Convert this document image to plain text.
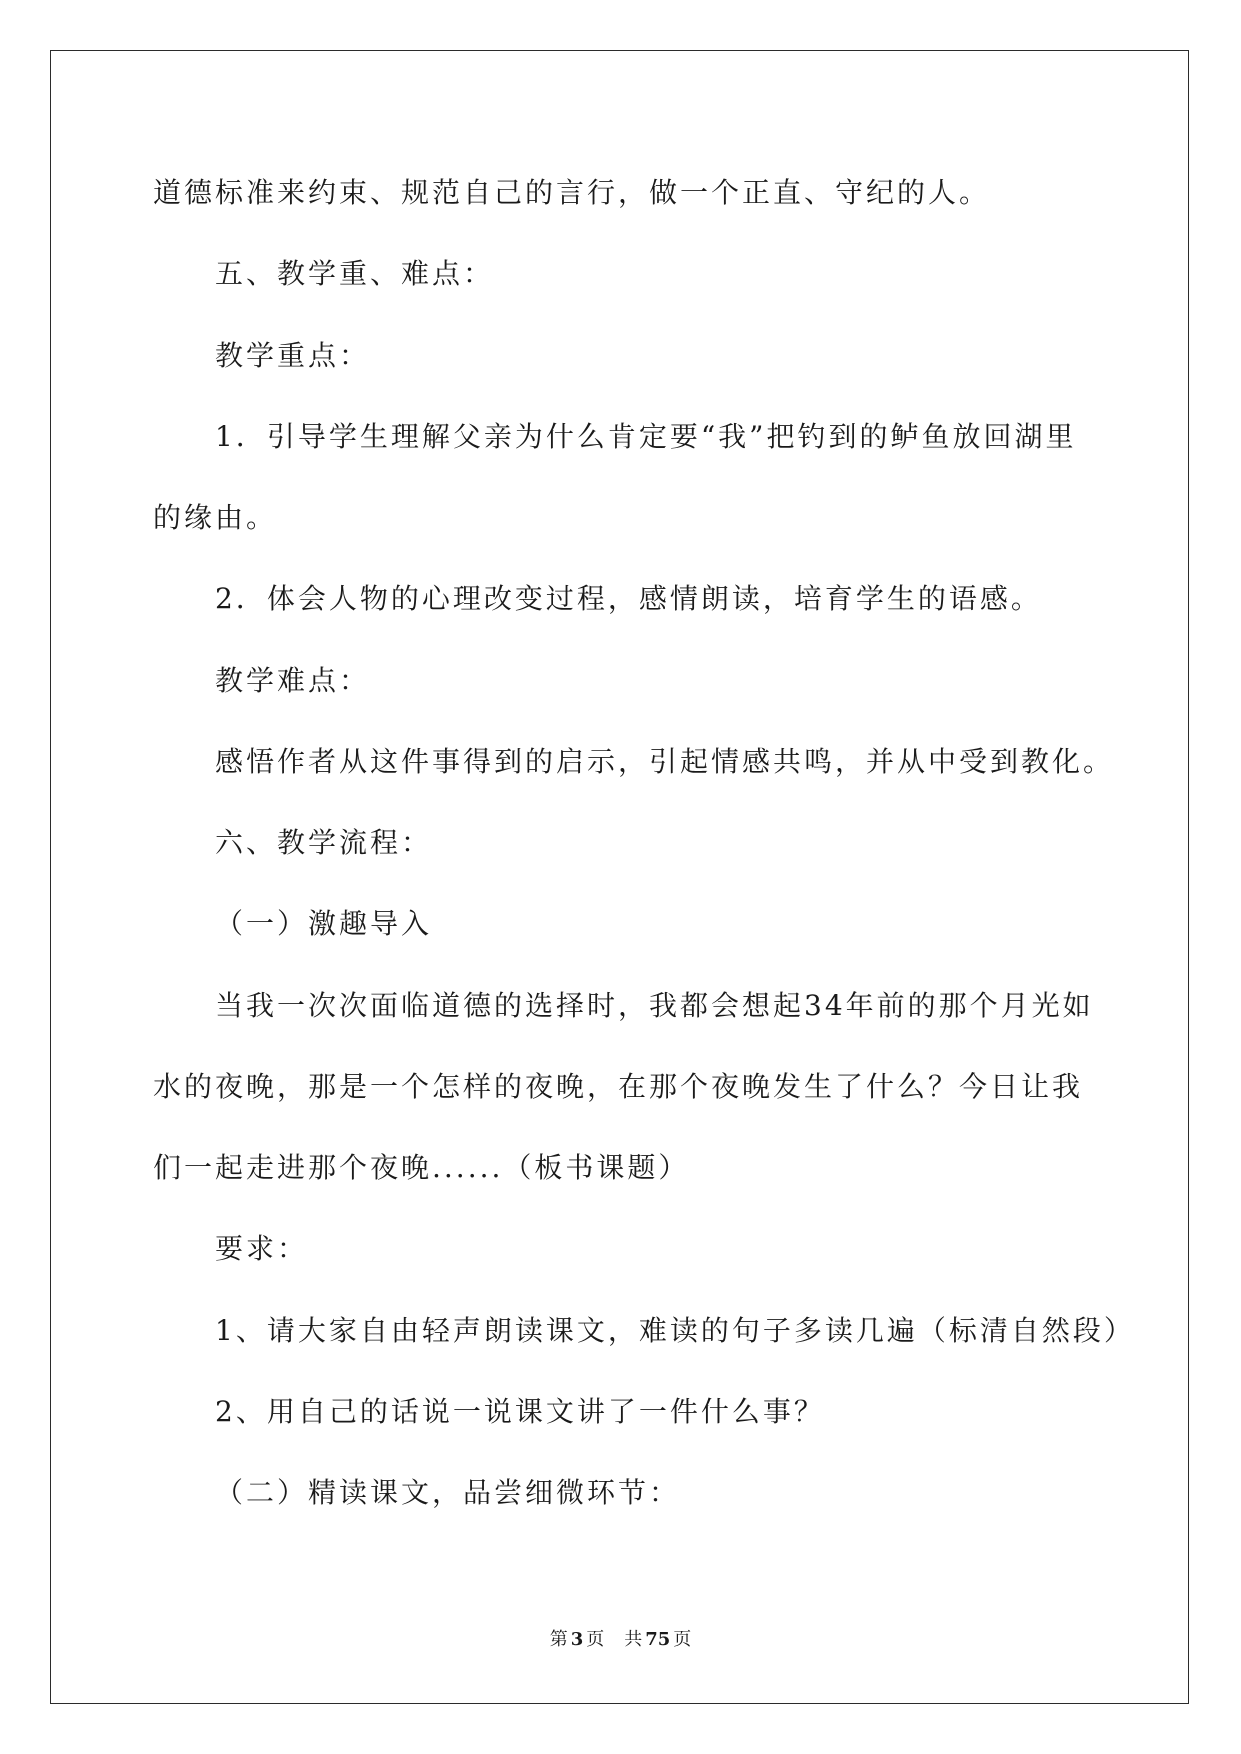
道德标准来约束、规范自己的言行，做一个正直、守纪的人。
五、教学重、难点：
教学重点：
1．引导学生理解父亲为什么肯定要“我”把钓到的鲈鱼放回湖里
的缘由。
2．体会人物的心理改变过程，感情朗读，培育学生的语感。
教学难点：
感悟作者从这件事得到的启示，引起情感共鸣，并从中受到教化。
六、教学流程：
（一）激趣导入
当我一次次面临道德的选择时，我都会想起34年前的那个月光如
水的夜晚，那是一个怎样的夜晚，在那个夜晚发生了什么？今日让我
们一起走进那个夜晚......（板书课题）
要求：
1、请大家自由轻声朗读课文，难读的句子多读几遍（标清自然段）
2、用自己的话说一说课文讲了一件什么事？
（二）精读课文，品尝细微环节：
第 3 页 共 75 页
